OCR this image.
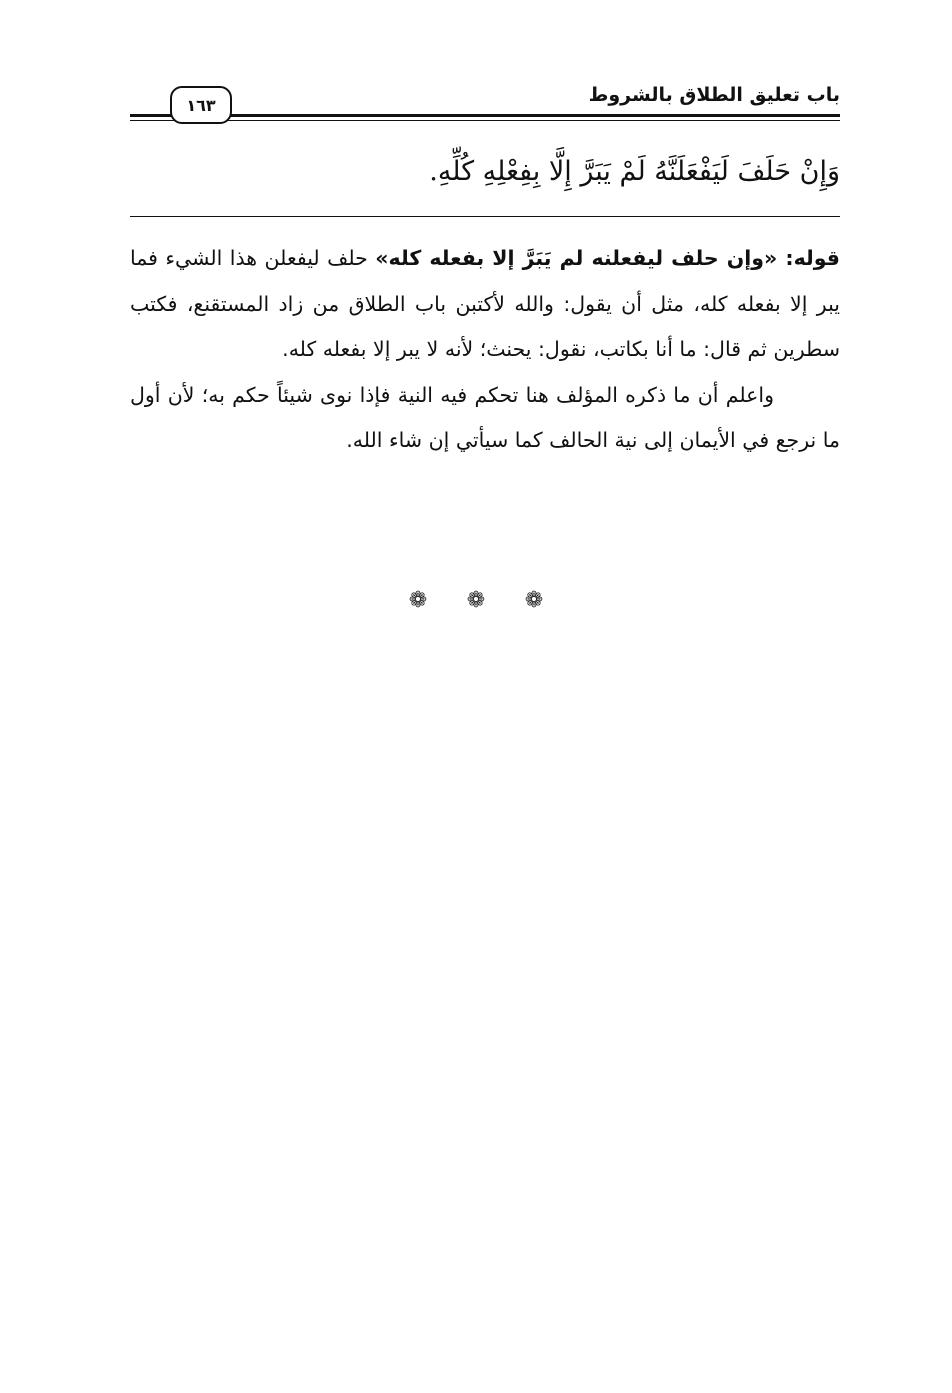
باب تعليق الطلاق بالشروط
١٦٣
وَإِنْ حَلَفَ لَيَفْعَلَنَّهُ لَمْ يَبَرَّ إِلَّا بِفِعْلِهِ كُلِّهِ.

قوله: «وإن حلف ليفعلنه لم يَبَرَّ إلا بفعله كله» حلف ليفعلن هذا الشيء فما يبر إلا بفعله كله، مثل أن يقول: والله لأكتبن باب الطلاق من زاد المستقنع، فكتب سطرين ثم قال: ما أنا بكاتب، نقول: يحنث؛ لأنه لا يبر إلا بفعله كله.

واعلم أن ما ذكره المؤلف هنا تحكم فيه النية فإذا نوى شيئاً حكم به؛ لأن أول ما نرجع في الأيمان إلى نية الحالف كما سيأتي إن شاء الله.

❁ ❁ ❁
